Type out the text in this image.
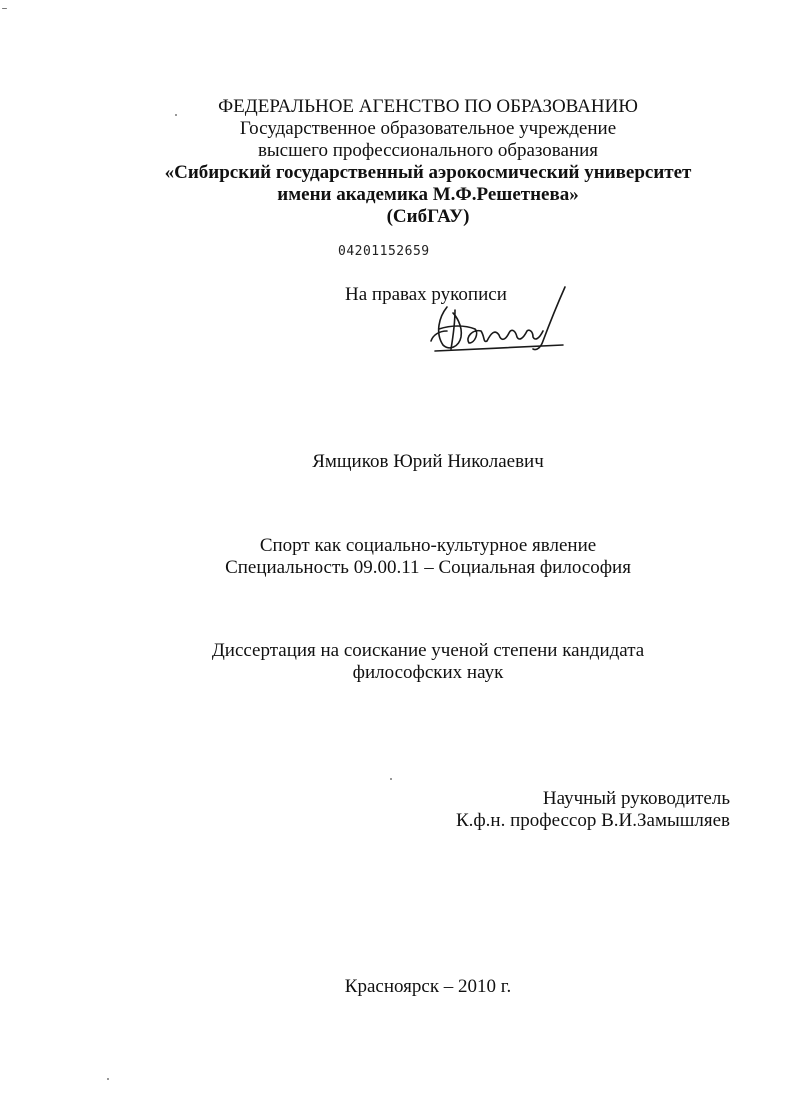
ФЕДЕРАЛЬНОЕ АГЕНСТВО ПО ОБРАЗОВАНИЮ
Государственное образовательное учреждение
высшего профессионального образования
«Сибирский государственный аэрокосмический университет
имени академика М.Ф.Решетнева»
(СибГАУ)
04201152659
На правах рукописи
Ямщиков Юрий Николаевич
Спорт как социально-культурное явление
Специальность 09.00.11 – Социальная философия
Диссертация на соискание ученой степени кандидата
философских наук
Научный руководитель
К.ф.н. профессор В.И.Замышляев
Красноярск – 2010 г.
